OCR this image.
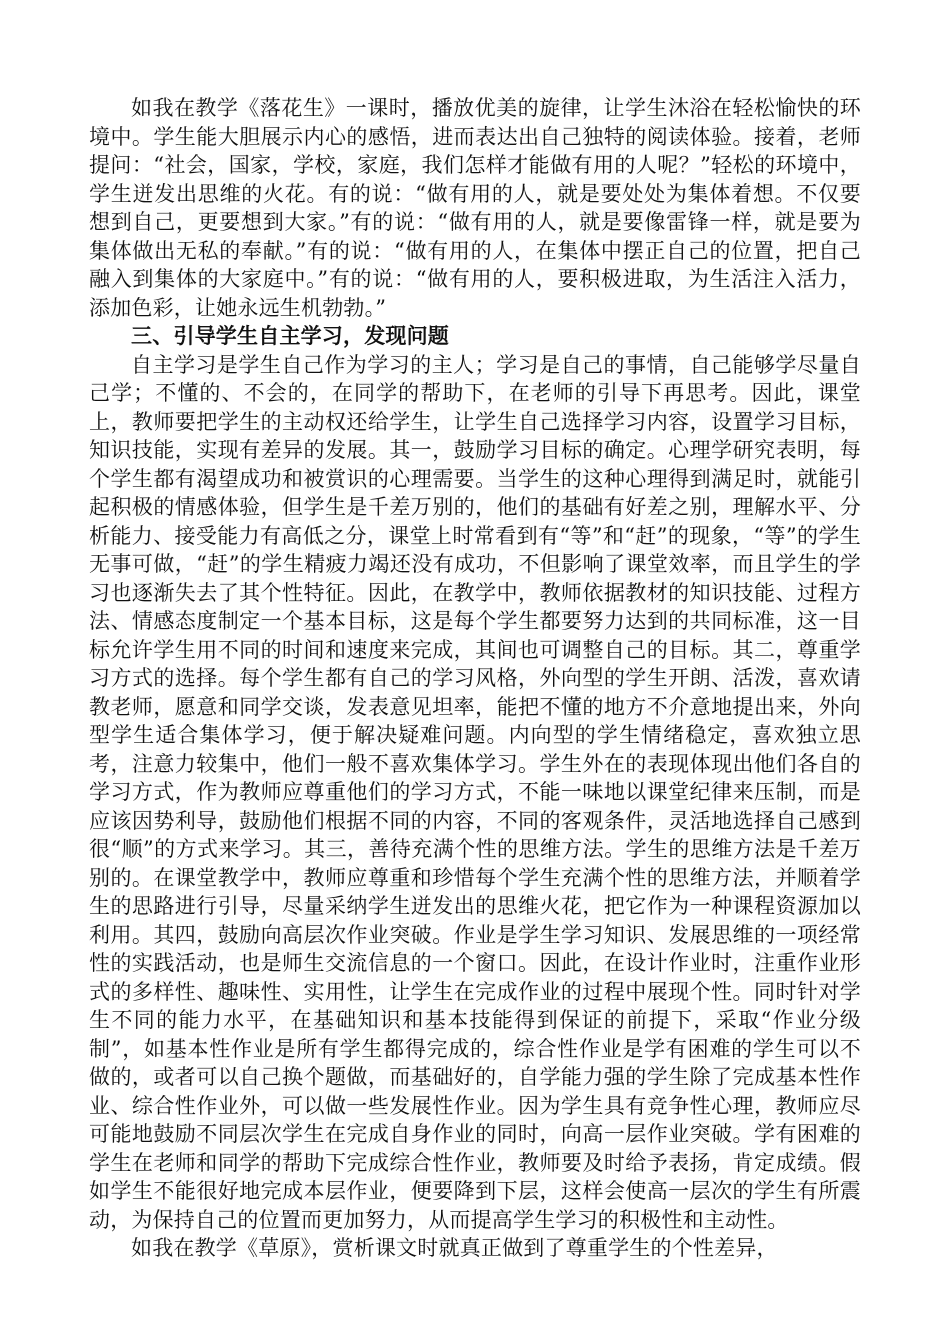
如我在教学《落花生》一课时，播放优美的旋律，让学生沐浴在轻松愉快的环境中。学生能大胆展示内心的感悟，进而表达出自己独特的阅读体验。接着，老师提问：“社会，国家，学校，家庭，我们怎样才能做有用的人呢？”轻松的环境中，学生迸发出思维的火花。有的说：“做有用的人，就是要处处为集体着想。不仅要想到自己，更要想到大家。”有的说：“做有用的人，就是要像雷锋一样，就是要为集体做出无私的奉献。”有的说：“做有用的人，在集体中摆正自己的位置，把自己融入到集体的大家庭中。”有的说：“做有用的人，要积极进取，为生活注入活力，添加色彩，让她永远生机勃勃。”

三、引导学生自主学习，发现问题

自主学习是学生自己作为学习的主人；学习是自己的事情，自己能够学尽量自己学；不懂的、不会的，在同学的帮助下，在老师的引导下再思考。因此，课堂上，教师要把学生的主动权还给学生，让学生自己选择学习内容，设置学习目标，知识技能，实现有差异的发展。其一，鼓励学习目标的确定。心理学研究表明，每个学生都有渴望成功和被赏识的心理需要。当学生的这种心理得到满足时，就能引起积极的情感体验，但学生是千差万别的，他们的基础有好差之别，理解水平、分析能力、接受能力有高低之分，课堂上时常看到有“等”和“赶”的现象，“等”的学生无事可做，“赶”的学生精疲力竭还没有成功，不但影响了课堂效率，而且学生的学习也逐渐失去了其个性特征。因此，在教学中，教师依据教材的知识技能、过程方法、情感态度制定一个基本目标，这是每个学生都要努力达到的共同标准，这一目标允许学生用不同的时间和速度来完成，其间也可调整自己的目标。其二，尊重学习方式的选择。每个学生都有自己的学习风格，外向型的学生开朗、活泼，喜欢请教老师，愿意和同学交谈，发表意见坦率，能把不懂的地方不介意地提出来，外向型学生适合集体学习，便于解决疑难问题。内向型的学生情绪稳定，喜欢独立思考，注意力较集中，他们一般不喜欢集体学习。学生外在的表现体现出他们各自的学习方式，作为教师应尊重他们的学习方式，不能一味地以课堂纪律来压制，而是应该因势利导，鼓励他们根据不同的内容，不同的客观条件，灵活地选择自己感到很“顺”的方式来学习。其三，善待充满个性的思维方法。学生的思维方法是千差万别的。在课堂教学中，教师应尊重和珍惜每个学生充满个性的思维方法，并顺着学生的思路进行引导，尽量采纳学生迸发出的思维火花，把它作为一种课程资源加以利用。其四，鼓励向高层次作业突破。作业是学生学习知识、发展思维的一项经常性的实践活动，也是师生交流信息的一个窗口。因此，在设计作业时，注重作业形式的多样性、趣味性、实用性，让学生在完成作业的过程中展现个性。同时针对学生不同的能力水平，在基础知识和基本技能得到保证的前提下，采取“作业分级制”，如基本性作业是所有学生都得完成的，综合性作业是学有困难的学生可以不做的，或者可以自己换个题做，而基础好的，自学能力强的学生除了完成基本性作业、综合性作业外，可以做一些发展性作业。因为学生具有竞争性心理，教师应尽可能地鼓励不同层次学生在完成自身作业的同时，向高一层作业突破。学有困难的学生在老师和同学的帮助下完成综合性作业，教师要及时给予表扬，肯定成绩。假如学生不能很好地完成本层作业，便要降到下层，这样会使高一层次的学生有所震动，为保持自己的位置而更加努力，从而提高学生学习的积极性和主动性。

如我在教学《草原》，赏析课文时就真正做到了尊重学生的个性差异，
